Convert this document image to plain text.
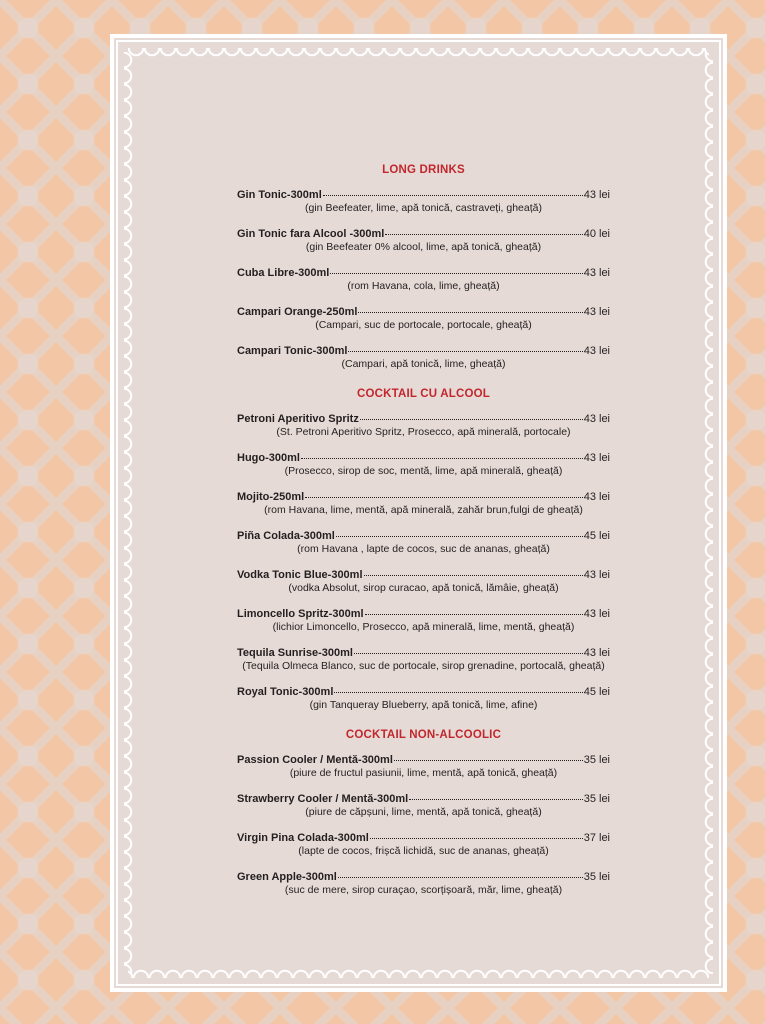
LONG DRINKS
Gin Tonic-300ml	43 lei
(gin Beefeater, lime, apă tonică, castraveți, gheață)
Gin Tonic fara Alcool -300ml	40 lei
(gin Beefeater 0% alcool, lime, apă tonică, gheață)
Cuba Libre-300ml	43 lei
(rom Havana, cola, lime, gheață)
Campari Orange-250ml	43 lei
(Campari, suc de portocale, portocale, gheață)
Campari Tonic-300ml	43 lei
(Campari, apă tonică, lime, gheață)
COCKTAIL CU ALCOOL
Petroni Aperitivo Spritz	43 lei
(St. Petroni Aperitivo Spritz, Prosecco, apă minerală, portocale)
Hugo-300ml	43 lei
(Prosecco, sirop de soc, mentă, lime, apă minerală, gheață)
Mojito-250ml	43 lei
(rom Havana, lime, mentă, apă minerală, zahăr brun,fulgi de gheață)
Piña Colada-300ml	45 lei
(rom Havana , lapte de cocos, suc de ananas, gheață)
Vodka Tonic Blue-300ml	43 lei
(vodka Absolut, sirop curacao, apă tonică, lămâie, gheață)
Limoncello Spritz-300ml	43 lei
(lichior Limoncello, Prosecco, apă minerală, lime, mentă, gheață)
Tequila Sunrise-300ml	43 lei
(Tequila Olmeca Blanco, suc de portocale, sirop grenadine, portocală, gheață)
Royal Tonic-300ml	45 lei
(gin Tanqueray Blueberry, apă tonică, lime, afine)
COCKTAIL NON-ALCOOLIC
Passion Cooler / Mentă-300ml	35 lei
(piure de fructul pasiunii, lime, mentă, apă tonică, gheață)
Strawberry Cooler / Mentă-300ml	35 lei
(piure de căpșuni, lime, mentă, apă tonică, gheață)
Virgin Pina Colada-300ml	37 lei
(lapte de cocos, frișcă lichidă, suc de ananas, gheață)
Green Apple-300ml	35 lei
(suc de mere, sirop curaçao, scorțișoară, măr, lime, gheață)
